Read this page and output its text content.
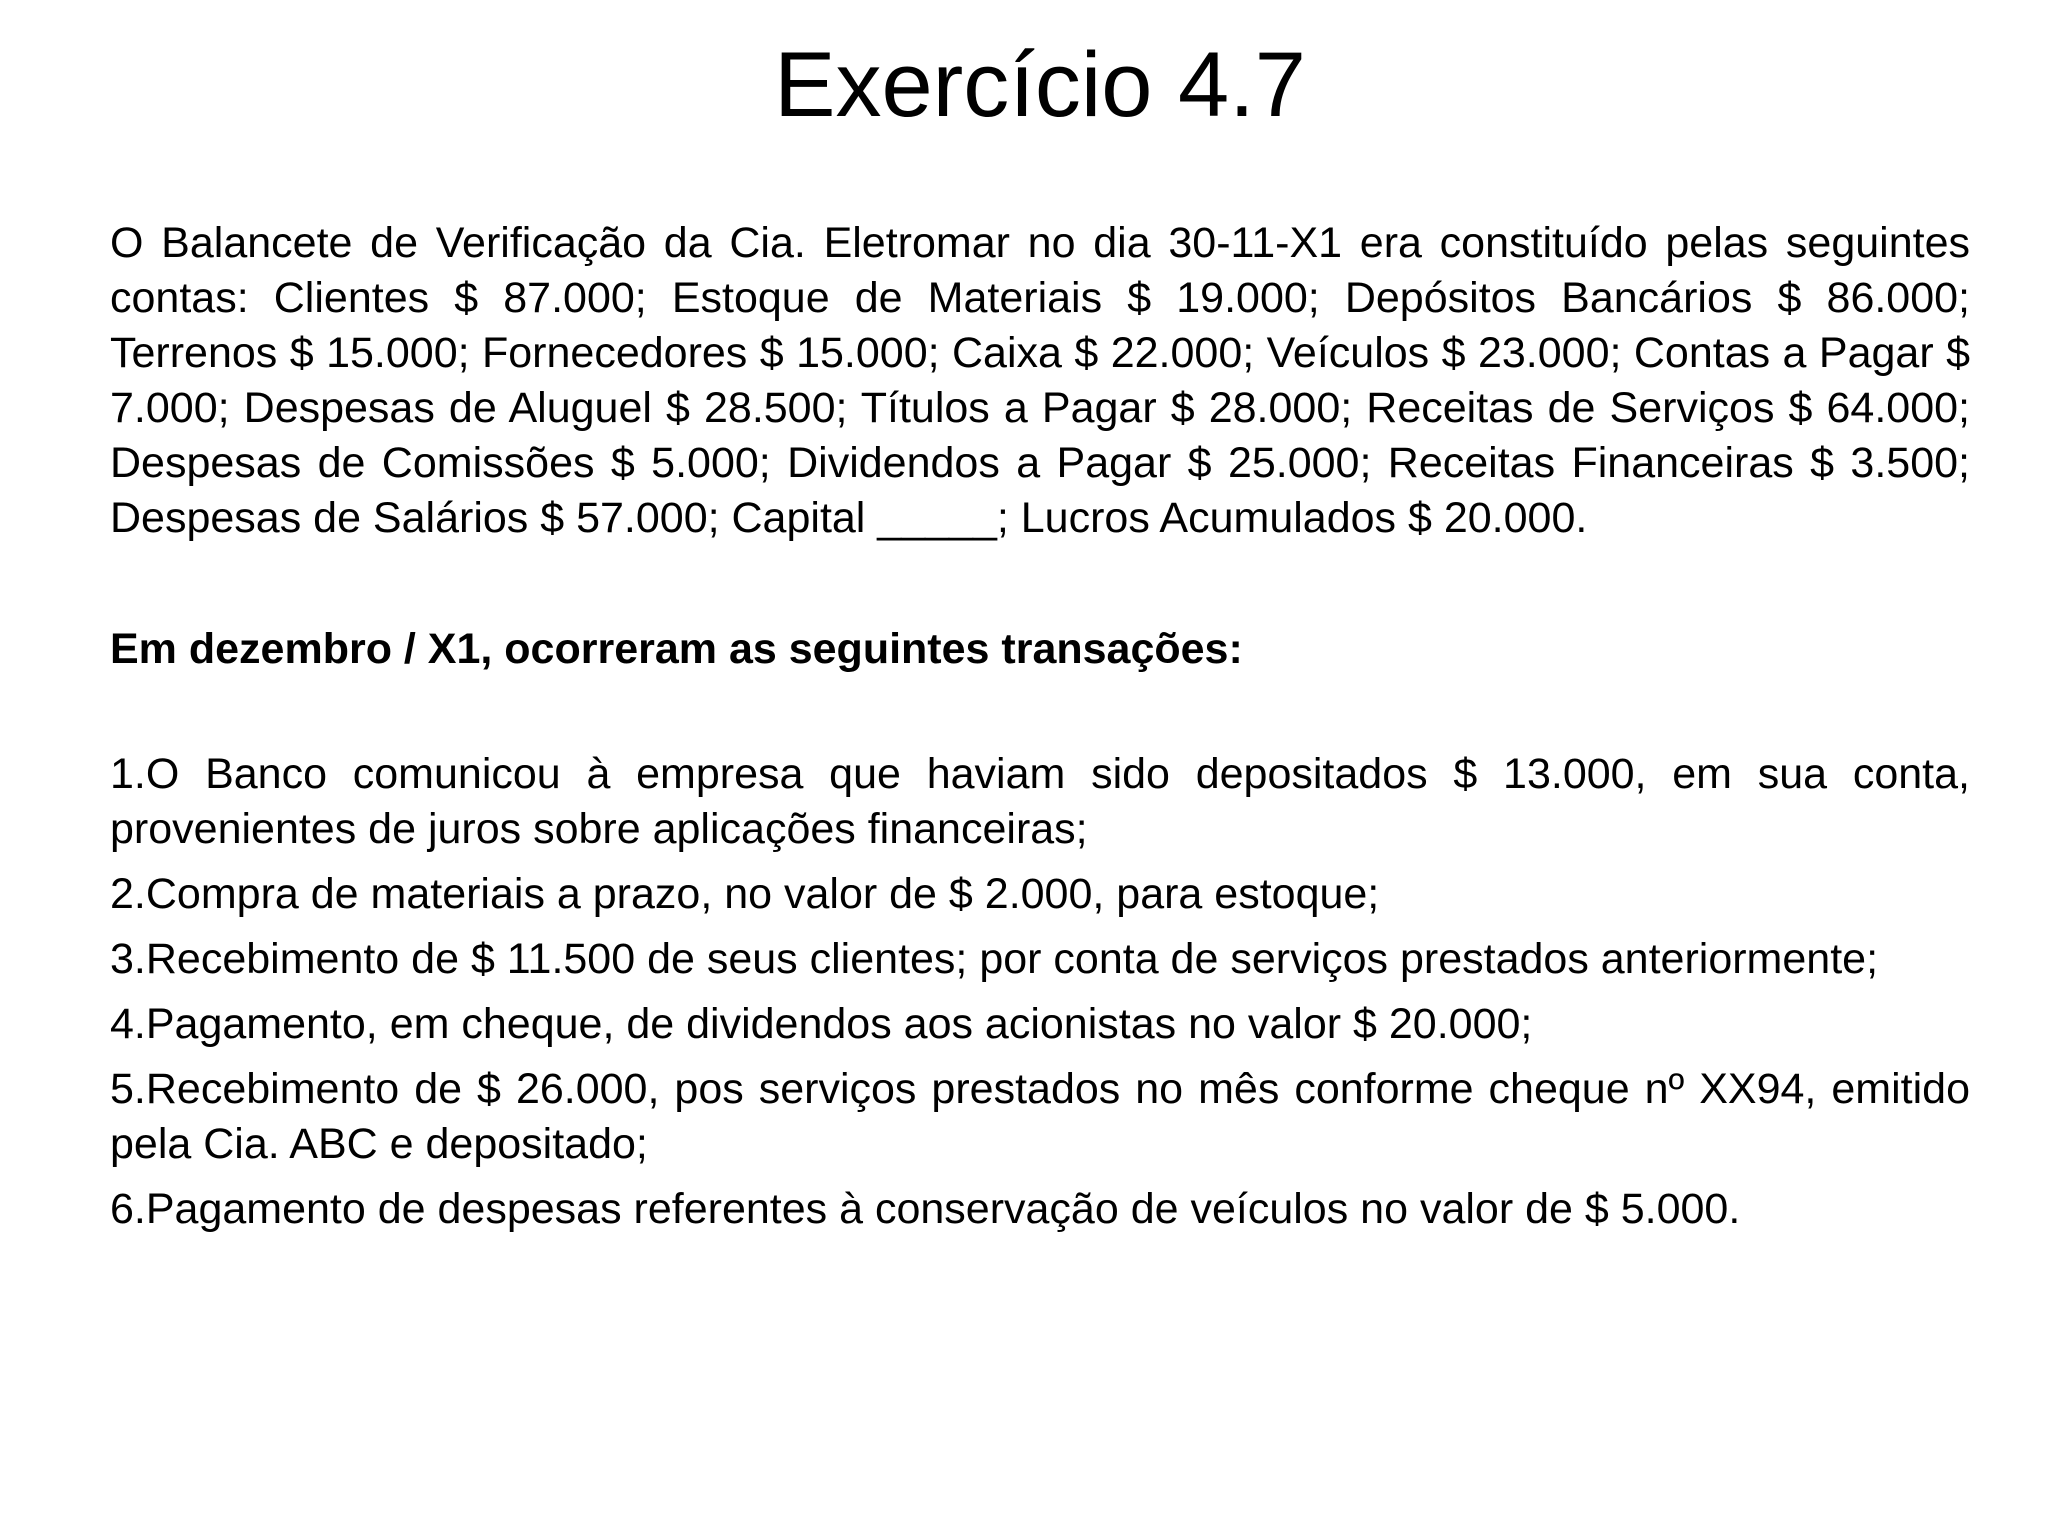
Exercício 4.7

O Balancete de Verificação da Cia. Eletromar no dia 30-11-X1 era constituído pelas seguintes contas: Clientes $ 87.000; Estoque de Materiais $ 19.000; Depósitos Bancários $ 86.000; Terrenos $ 15.000; Fornecedores $ 15.000; Caixa $ 22.000; Veículos $ 23.000; Contas a Pagar $ 7.000; Despesas de Aluguel $ 28.500; Títulos a Pagar $ 28.000; Receitas de Serviços $ 64.000; Despesas de Comissões $ 5.000; Dividendos a Pagar $ 25.000; Receitas Financeiras $ 3.500; Despesas de Salários $ 57.000; Capital _____; Lucros Acumulados $ 20.000.

Em dezembro / X1, ocorreram as seguintes transações:

1.O Banco comunicou à empresa que haviam sido depositados $ 13.000, em sua conta, provenientes de juros sobre aplicações financeiras;
2.Compra de materiais a prazo, no valor de $ 2.000, para estoque;
3.Recebimento de $ 11.500 de seus clientes; por conta de serviços prestados anteriormente;
4.Pagamento, em cheque, de dividendos aos acionistas no valor $ 20.000;
5.Recebimento de $ 26.000, pos serviços prestados no mês conforme cheque nº XX94, emitido pela Cia. ABC e depositado;
6.Pagamento de despesas referentes à conservação de veículos no valor de $ 5.000.
